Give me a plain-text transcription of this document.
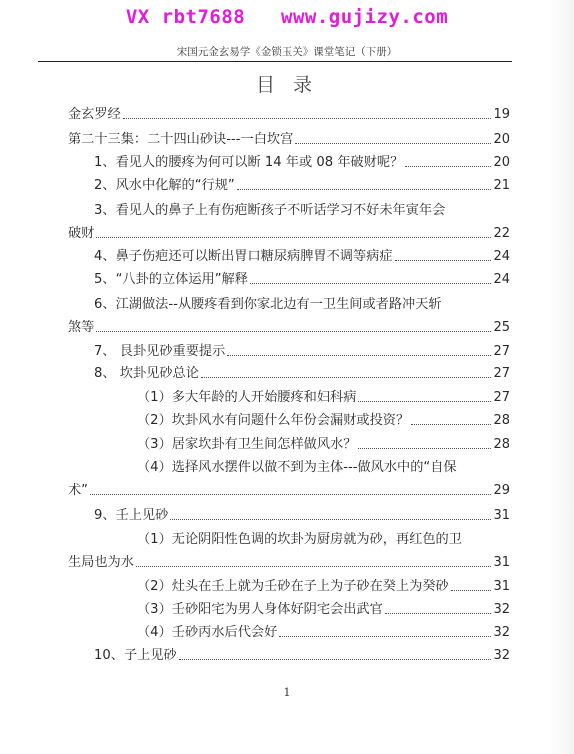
VX rbt7688   www.gujizy.com
宋国元金玄易学《金锁玉关》课堂笔记（下册）
目 录
金玄罗经	19
第二十三集：二十四山砂诀---一白坎宫	20
1、看见人的腰疼为何可以断 14 年或 08 年破财呢？	20
2、风水中化解的“行规”	21
3、看见人的鼻子上有伤疤断孩子不听话学习不好未年寅年会
破财	22
4、鼻子伤疤还可以断出胃口糖尿病脾胃不调等病症	24
5、“八卦的立体运用”解释	24
6、江湖做法--从腰疼看到你家北边有一卫生间或者路冲天斩
煞等	25
7、 艮卦见砂重要提示	27
8、 坎卦见砂总论	27
（1）多大年龄的人开始腰疼和妇科病	27
（2）坎卦风水有问题什么年份会漏财或投资？	28
（3）居家坎卦有卫生间怎样做风水？	28
（4）选择风水摆件以做不到为主体---做风水中的“自保
术”	29
9、壬上见砂	31
（1）无论阴阳性色调的坎卦为厨房就为砂，再红色的卫
生局也为水	31
（2）灶头在壬上就为壬砂在子上为子砂在癸上为癸砂	31
（3）壬砂阳宅为男人身体好阴宅会出武官	32
（4）壬砂丙水后代会好	32
10、子上见砂	32
1
